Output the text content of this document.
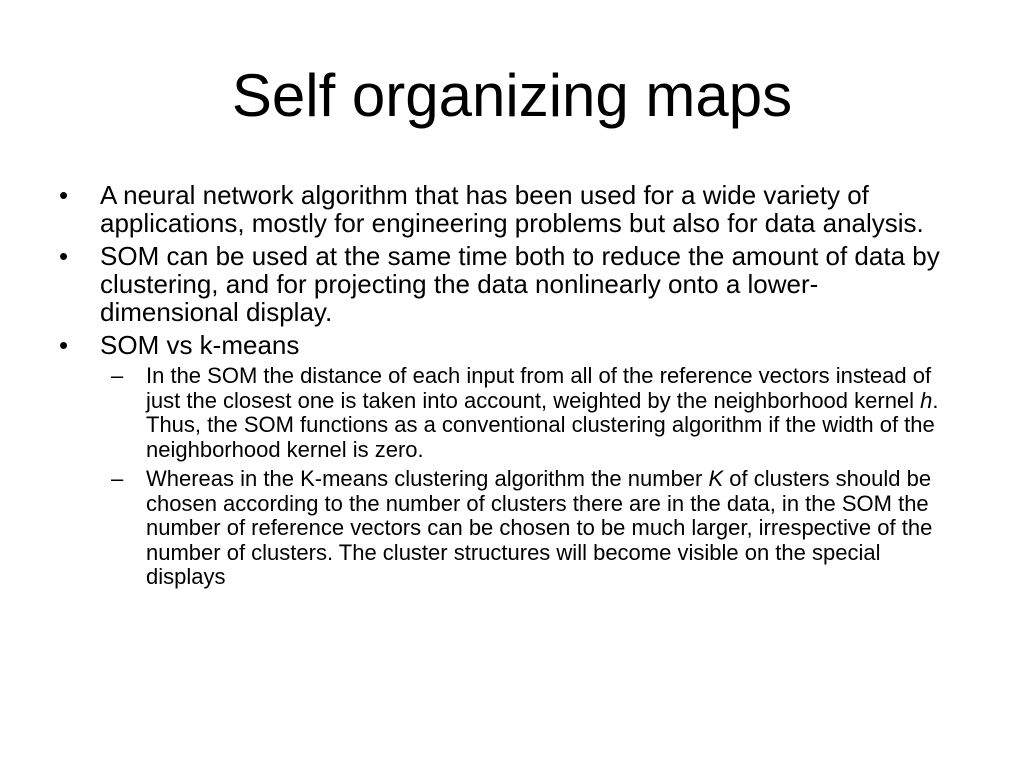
Self organizing maps
•	A neural network algorithm that has been used for a wide variety of applications, mostly for engineering problems but also for data analysis.
•	SOM can be used at the same time both to reduce the amount of data by clustering, and for projecting the data nonlinearly onto a lower-dimensional display.
•	SOM vs k-means
– In the SOM the distance of each input from all of the reference vectors instead of just the closest one is taken into account, weighted by the neighborhood kernel h. Thus, the SOM functions as a conventional clustering algorithm if the width of the neighborhood kernel is zero.
– Whereas in the K-means clustering algorithm the number K of clusters should be chosen according to the number of clusters there are in the data, in the SOM the number of reference vectors can be chosen to be much larger, irrespective of the number of clusters. The cluster structures will become visible on the special displays
